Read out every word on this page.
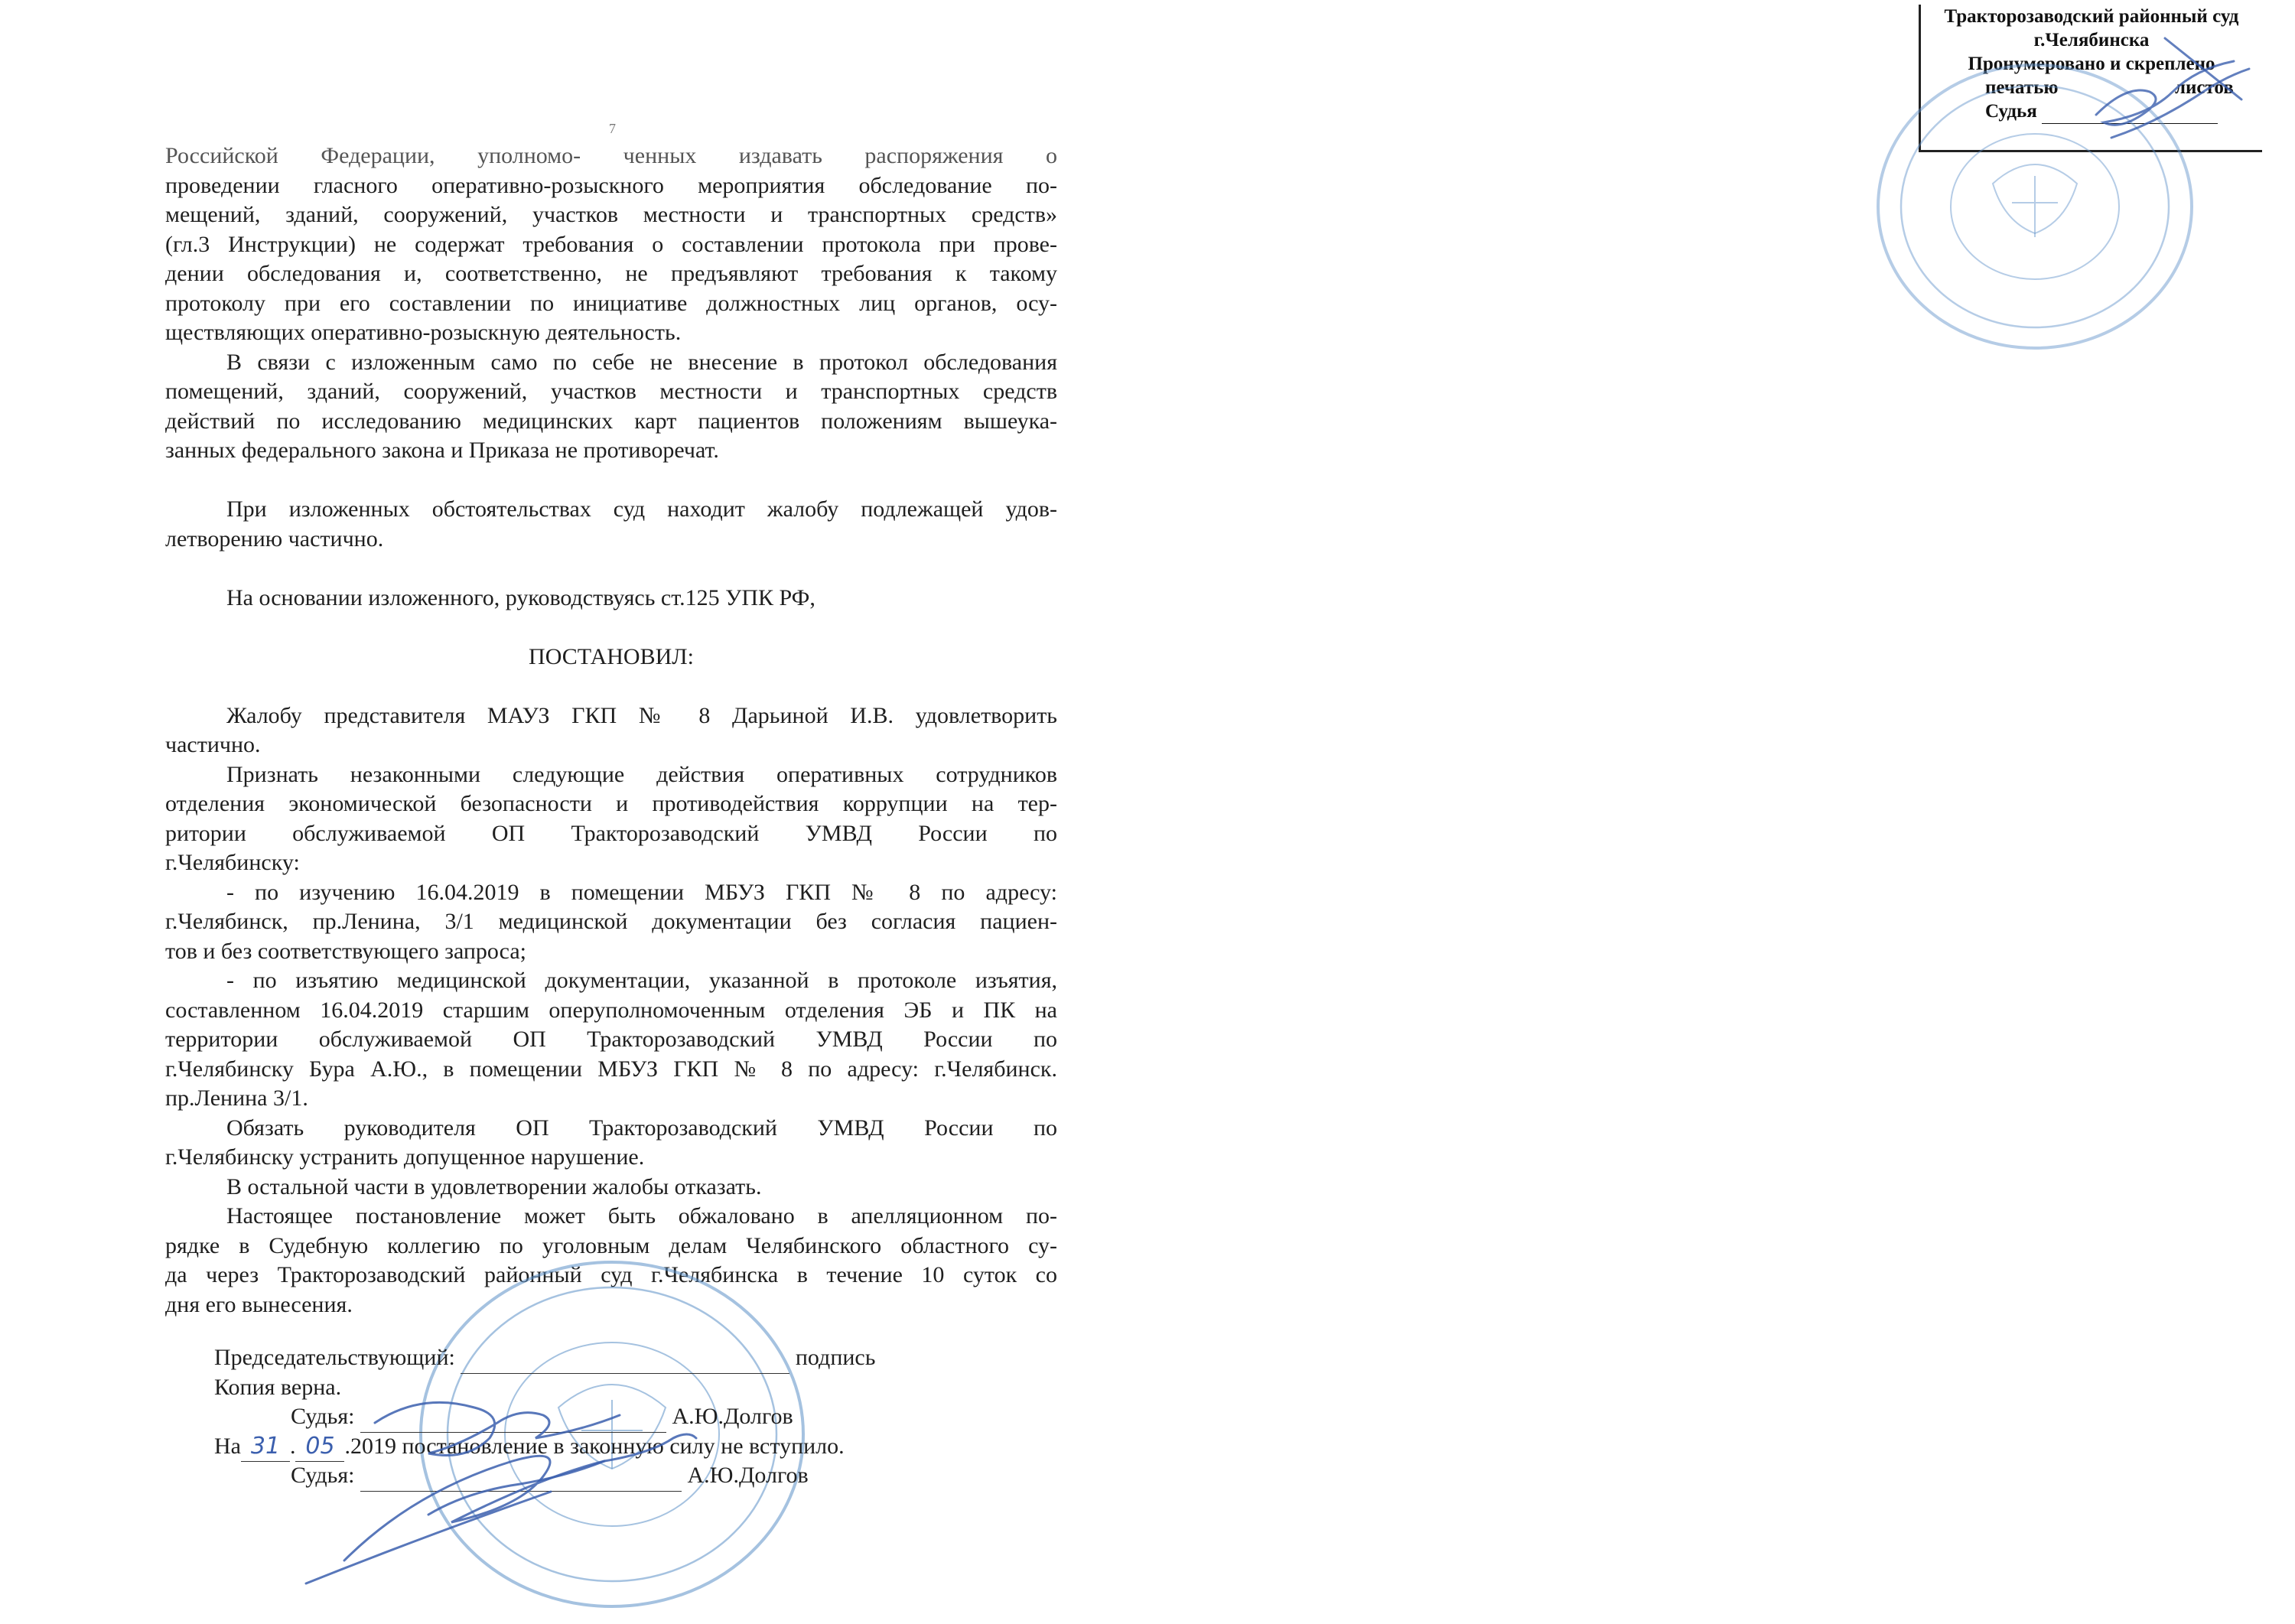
7
Российской Федерации, уполномо- ченных издавать распоряжения о
проведении гласного оперативно-розыскного мероприятия обследование по-
мещений, зданий, сооружений, участков местности и транспортных средств»
(гл.3 Инструкции) не содержат требования о составлении протокола при прове-
дении обследования и, соответственно, не предъявляют требования к такому
протоколу при его составлении по инициативе должностных лиц органов, осу-
ществляющих оперативно-розыскную деятельность.
В связи с изложенным само по себе не внесение в протокол обследования
помещений, зданий, сооружений, участков местности и транспортных средств
действий по исследованию медицинских карт пациентов положениям вышеука-
занных федерального закона и Приказа не противоречат.
При изложенных обстоятельствах суд находит жалобу подлежащей удов-
летворению частично.
На основании изложенного, руководствуясь ст.125 УПК РФ,
ПОСТАНОВИЛ:
Жалобу представителя МАУЗ ГКП № 8 Дарьиной И.В. удовлетворить
частично.
Признать незаконными следующие действия оперативных сотрудников
отделения экономической безопасности и противодействия коррупции на тер-
ритории обслуживаемой ОП Тракторозаводский УМВД России по
г.Челябинску:
- по изучению 16.04.2019 в помещении МБУЗ ГКП № 8 по адресу:
г.Челябинск, пр.Ленина, 3/1 медицинской документации без согласия пациен-
тов и без соответствующего запроса;
- по изъятию медицинской документации, указанной в протоколе изъятия,
составленном 16.04.2019 старшим оперуполномоченным отделения ЭБ и ПК на
территории обслуживаемой ОП Тракторозаводский УМВД России по
г.Челябинску Бура А.Ю., в помещении МБУЗ ГКП № 8 по адресу: г.Челябинск.
пр.Ленина 3/1.
Обязать руководителя ОП Тракторозаводский УМВД России по
г.Челябинску устранить допущенное нарушение.
В остальной части в удовлетворении жалобы отказать.
Настоящее постановление может быть обжаловано в апелляционном по-
рядке в Судебную коллегию по уголовным делам Челябинского областного су-
да через Тракторозаводский районный суд г.Челябинска в течение 10 суток со
дня его вынесения.
Председательствующий:	подпись
Копия верна.
Судья:	А.Ю.Долгов
На 31 . 05 .2019 постановление в законную силу не вступило.
Судья:	А.Ю.Долгов
Тракторозаводский районный суд
г.Челябинска
Пронумеровано и скреплено
печатью	листов
Судья
